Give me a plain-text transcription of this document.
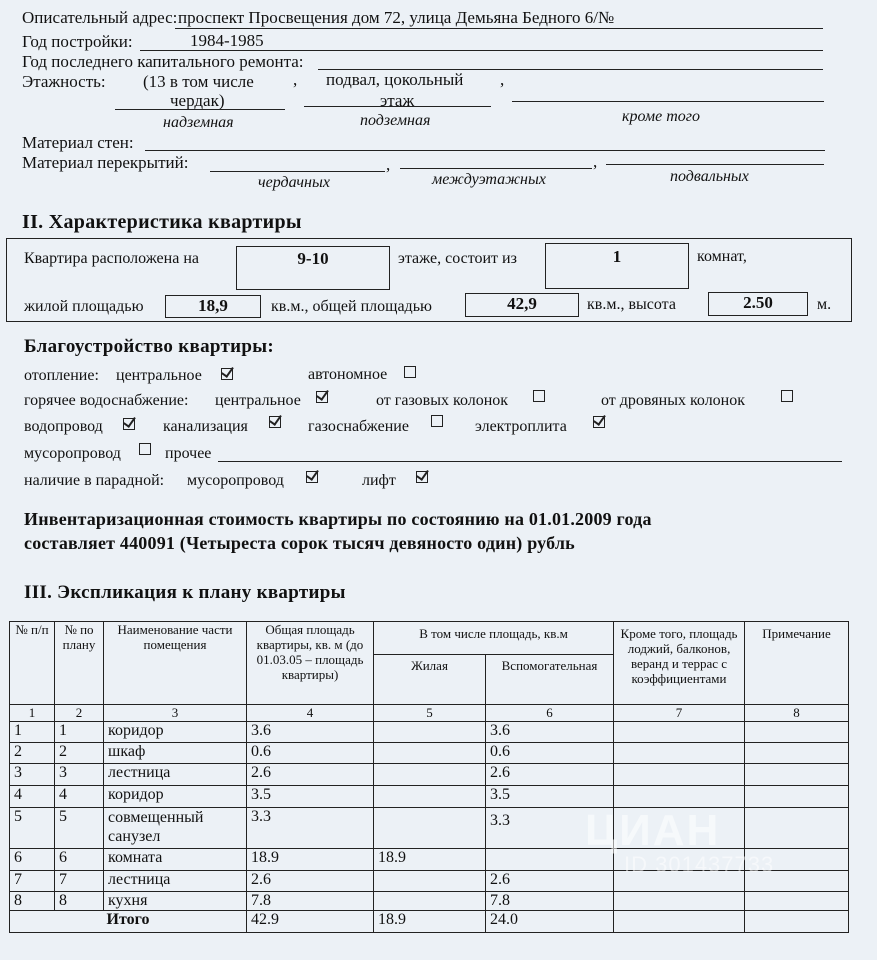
Описательный адрес: проспект Просвещения дом 72, улица Демьяна Бедного 6/№
Год постройки:	1984-1985
Год последнего капитального ремонта:
Этажность: (13 в том числе , подвал, цокольный ,
чердак)	этаж
надземная	подземная	кроме того
Материал стен:
Материал перекрытий:	,	,
чердачных	междуэтажных	подвальных
II. Характеристика квартиры
Квартира расположена на	9-10	этаже, состоит из	1	комнат,
жилой площадью	18,9	кв.м., общей площадью	42,9	кв.м., высота	2.50	м.
Благоустройство квартиры:
отопление: центральное	автономное
горячее водоснабжение: центральное	от газовых колонок	от дровяных колонок
водопровод	канализация	газоснабжение	электроплита
мусоропровод	прочее
наличие в парадной: мусоропровод	лифт
Инвентаризационная стоимость квартиры по состоянию на 01.01.2009 года
составляет 440091 (Четыреста сорок тысяч девяносто один) рубль
III. Экспликация к плану квартиры
№ п/п	№ по плану	Наименование части помещения	Общая площадь квартиры, кв. м (до 01.03.05 – площадь квартиры)	В том числе площадь, кв.м		Кроме того, площадь лоджий, балконов, веранд и террас с коэффициентами	Примечание
				Жилая	Вспомогательная		
1	2	3	4	5	6	7	8
1	1	коридор	3.6		3.6		
2	2	шкаф	0.6		0.6		
3	3	лестница	2.6		2.6		
4	4	коридор	3.5		3.5		
5	5	совмещенный санузел	3.3		3.3		
6	6	комната	18.9	18.9			
7	7	лестница	2.6		2.6		
8	8	кухня	7.8		7.8		
Итого			42.9	18.9	24.0		
ЦИАН
ID 301437733
